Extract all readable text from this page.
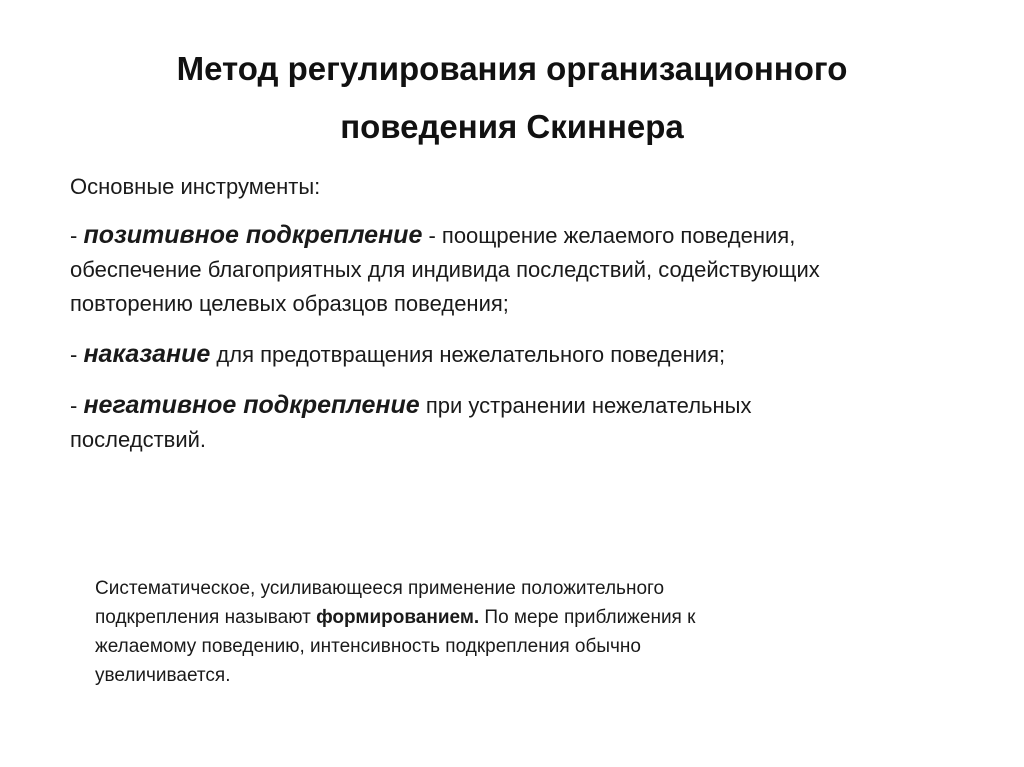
Метод регулирования организационного
поведения Скиннера

Основные инструменты:

- позитивное подкрепление - поощрение желаемого поведения,
обеспечение благоприятных для индивида последствий, содействующих
повторению целевых образцов поведения;

- наказание для предотвращения нежелательного поведения;

- негативное подкрепление при устранении нежелательных
последствий.

Систематическое, усиливающееся применение положительного
подкрепления называют формированием. По мере приближения к
желаемому поведению, интенсивность подкрепления обычно
увеличивается.
